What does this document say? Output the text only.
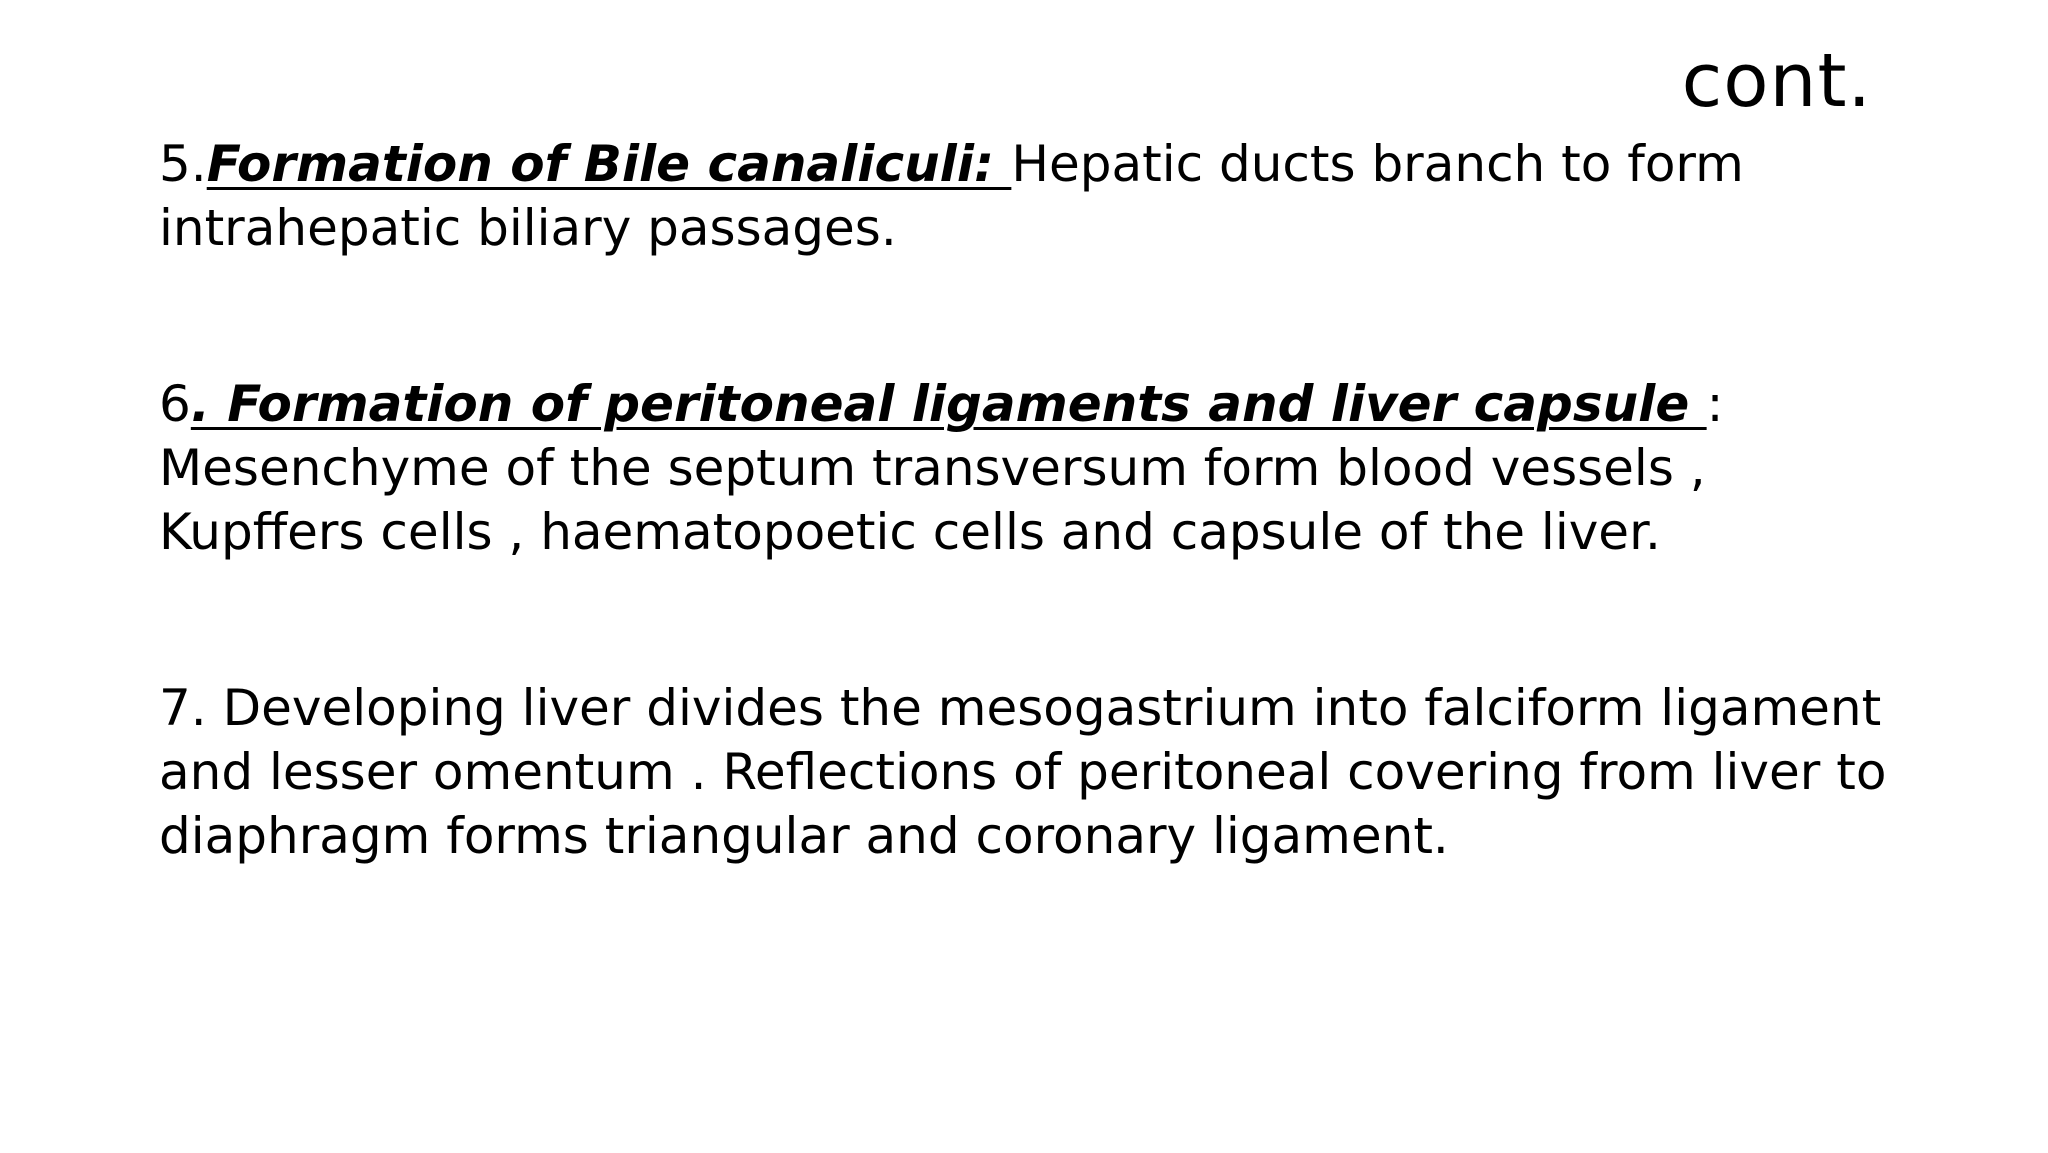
cont.

5.Formation of Bile canaliculi: Hepatic ducts branch to form intrahepatic biliary passages.

6. Formation of peritoneal ligaments and liver capsule : Mesenchyme of the septum transversum form blood vessels , Kupffers cells , haematopoetic cells and capsule of the liver.

7. Developing liver divides the mesogastrium into falciform ligament and lesser omentum . Reflections of peritoneal covering from liver to diaphragm forms triangular and coronary ligament.
